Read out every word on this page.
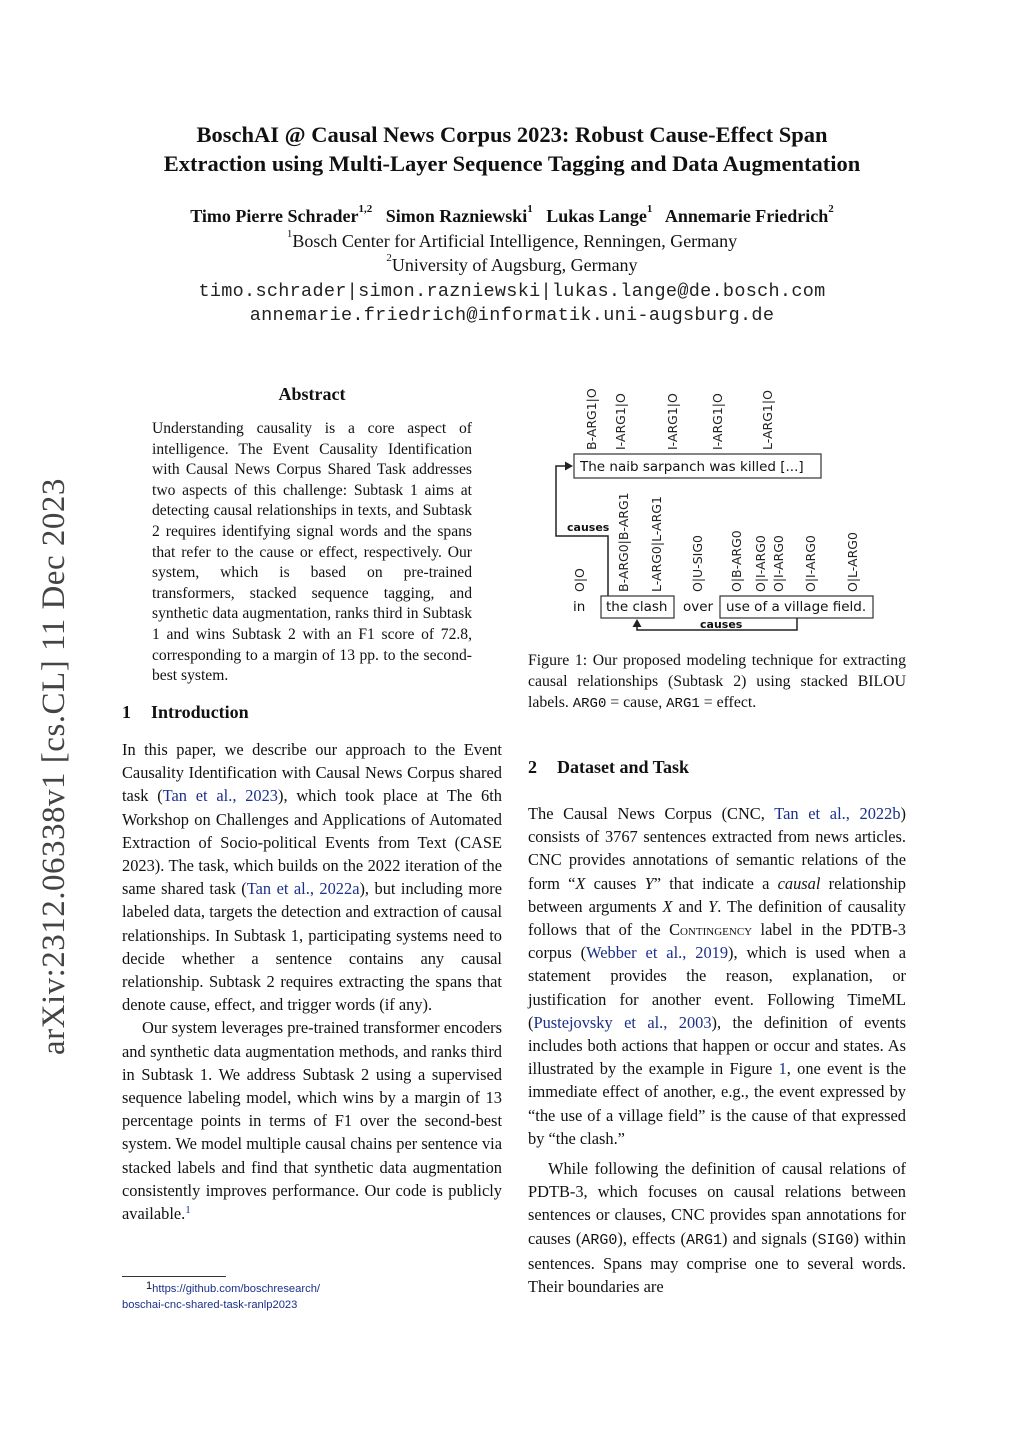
arXiv:2312.06338v1 [cs.CL] 11 Dec 2023
BoschAI @ Causal News Corpus 2023: Robust Cause-Effect Span
Extraction using Multi-Layer Sequence Tagging and Data Augmentation
Timo Pierre Schrader$^{1,2}$ Simon Razniewski$^1$ Lukas Lange$^1$ Annemarie Friedrich$^2$
$^1$Bosch Center for Artificial Intelligence, Renningen, Germany
$^2$University of Augsburg, Germany
timo.schrader|simon.razniewski|lukas.lange@de.bosch.com
annemarie.friedrich@informatik.uni-augsburg.de
Abstract
Understanding causality is a core aspect of intelligence. The Event Causality Identification with Causal News Corpus Shared Task addresses two aspects of this challenge: Subtask 1 aims at detecting causal relationships in texts, and Subtask 2 requires identifying signal words and the spans that refer to the cause or effect, respectively. Our system, which is based on pre-trained transformers, stacked sequence tagging, and synthetic data augmentation, ranks third in Subtask 1 and wins Subtask 2 with an F1 score of 72.8, corresponding to a margin of 13 pp. to the second-best system.
1 Introduction

In this paper, we describe our approach to the Event Causality Identification with Causal News Corpus shared task (Tan et al., 2023), which took place at The 6th Workshop on Challenges and Applications of Automated Extraction of Socio-political Events from Text (CASE 2023). The task, which builds on the 2022 iteration of the same shared task (Tan et al., 2022a), but including more labeled data, targets the detection and extraction of causal relationships. In Subtask 1, participating systems need to decide whether a sentence contains any causal relationship. Subtask 2 requires extracting the spans that denote cause, effect, and trigger words (if any).

Our system leverages pre-trained transformer encoders and synthetic data augmentation methods, and ranks third in Subtask 1. We address Subtask 2 using a supervised sequence labeling model, which wins by a margin of 13 percentage points in terms of F1 over the second-best system. We model multiple causal chains per sentence via stacked labels and find that synthetic data augmentation consistently improves performance. Our code is publicly available.$^1$

$^1$https://github.com/boschresearch/
boschai-cnc-shared-task-ranlp2023
B-ARG1|O I-ARG1|O	I-ARG1|O I-ARG1|O	L-ARG1|O
The naib sarpanch was killed [...]
causes
O|O B-ARG0|B-ARG1 L-ARG0|L-ARG1 O|U-SIG0 O|B-ARG0 O|I-ARG0 O|I-ARG0 O|I-ARG0 O|L-ARG0
in the clash over use of a village field.
causes
Figure 1: Our proposed modeling technique for extracting causal relationships (Subtask 2) using stacked BILOU labels. ARG0 = cause, ARG1 = effect.
2 Dataset and Task

The Causal News Corpus (CNC, Tan et al., 2022b) consists of 3767 sentences extracted from news articles. CNC provides annotations of semantic relations of the form “X causes Y” that indicate a causal relationship between arguments X and Y. The definition of causality follows that of the Contingency label in the PDTB-3 corpus (Webber et al., 2019), which is used when a statement provides the reason, explanation, or justification for another event. Following TimeML (Pustejovsky et al., 2003), the definition of events includes both actions that happen or occur and states. As illustrated by the example in Figure 1, one event is the immediate effect of another, e.g., the event expressed by “the use of a village field” is the cause of that expressed by “the clash.”

While following the definition of causal relations of PDTB-3, which focuses on causal relations between sentences or clauses, CNC provides span annotations for causes (ARG0), effects (ARG1) and signals (SIG0) within sentences. Spans may comprise one to several words. Their boundaries are
